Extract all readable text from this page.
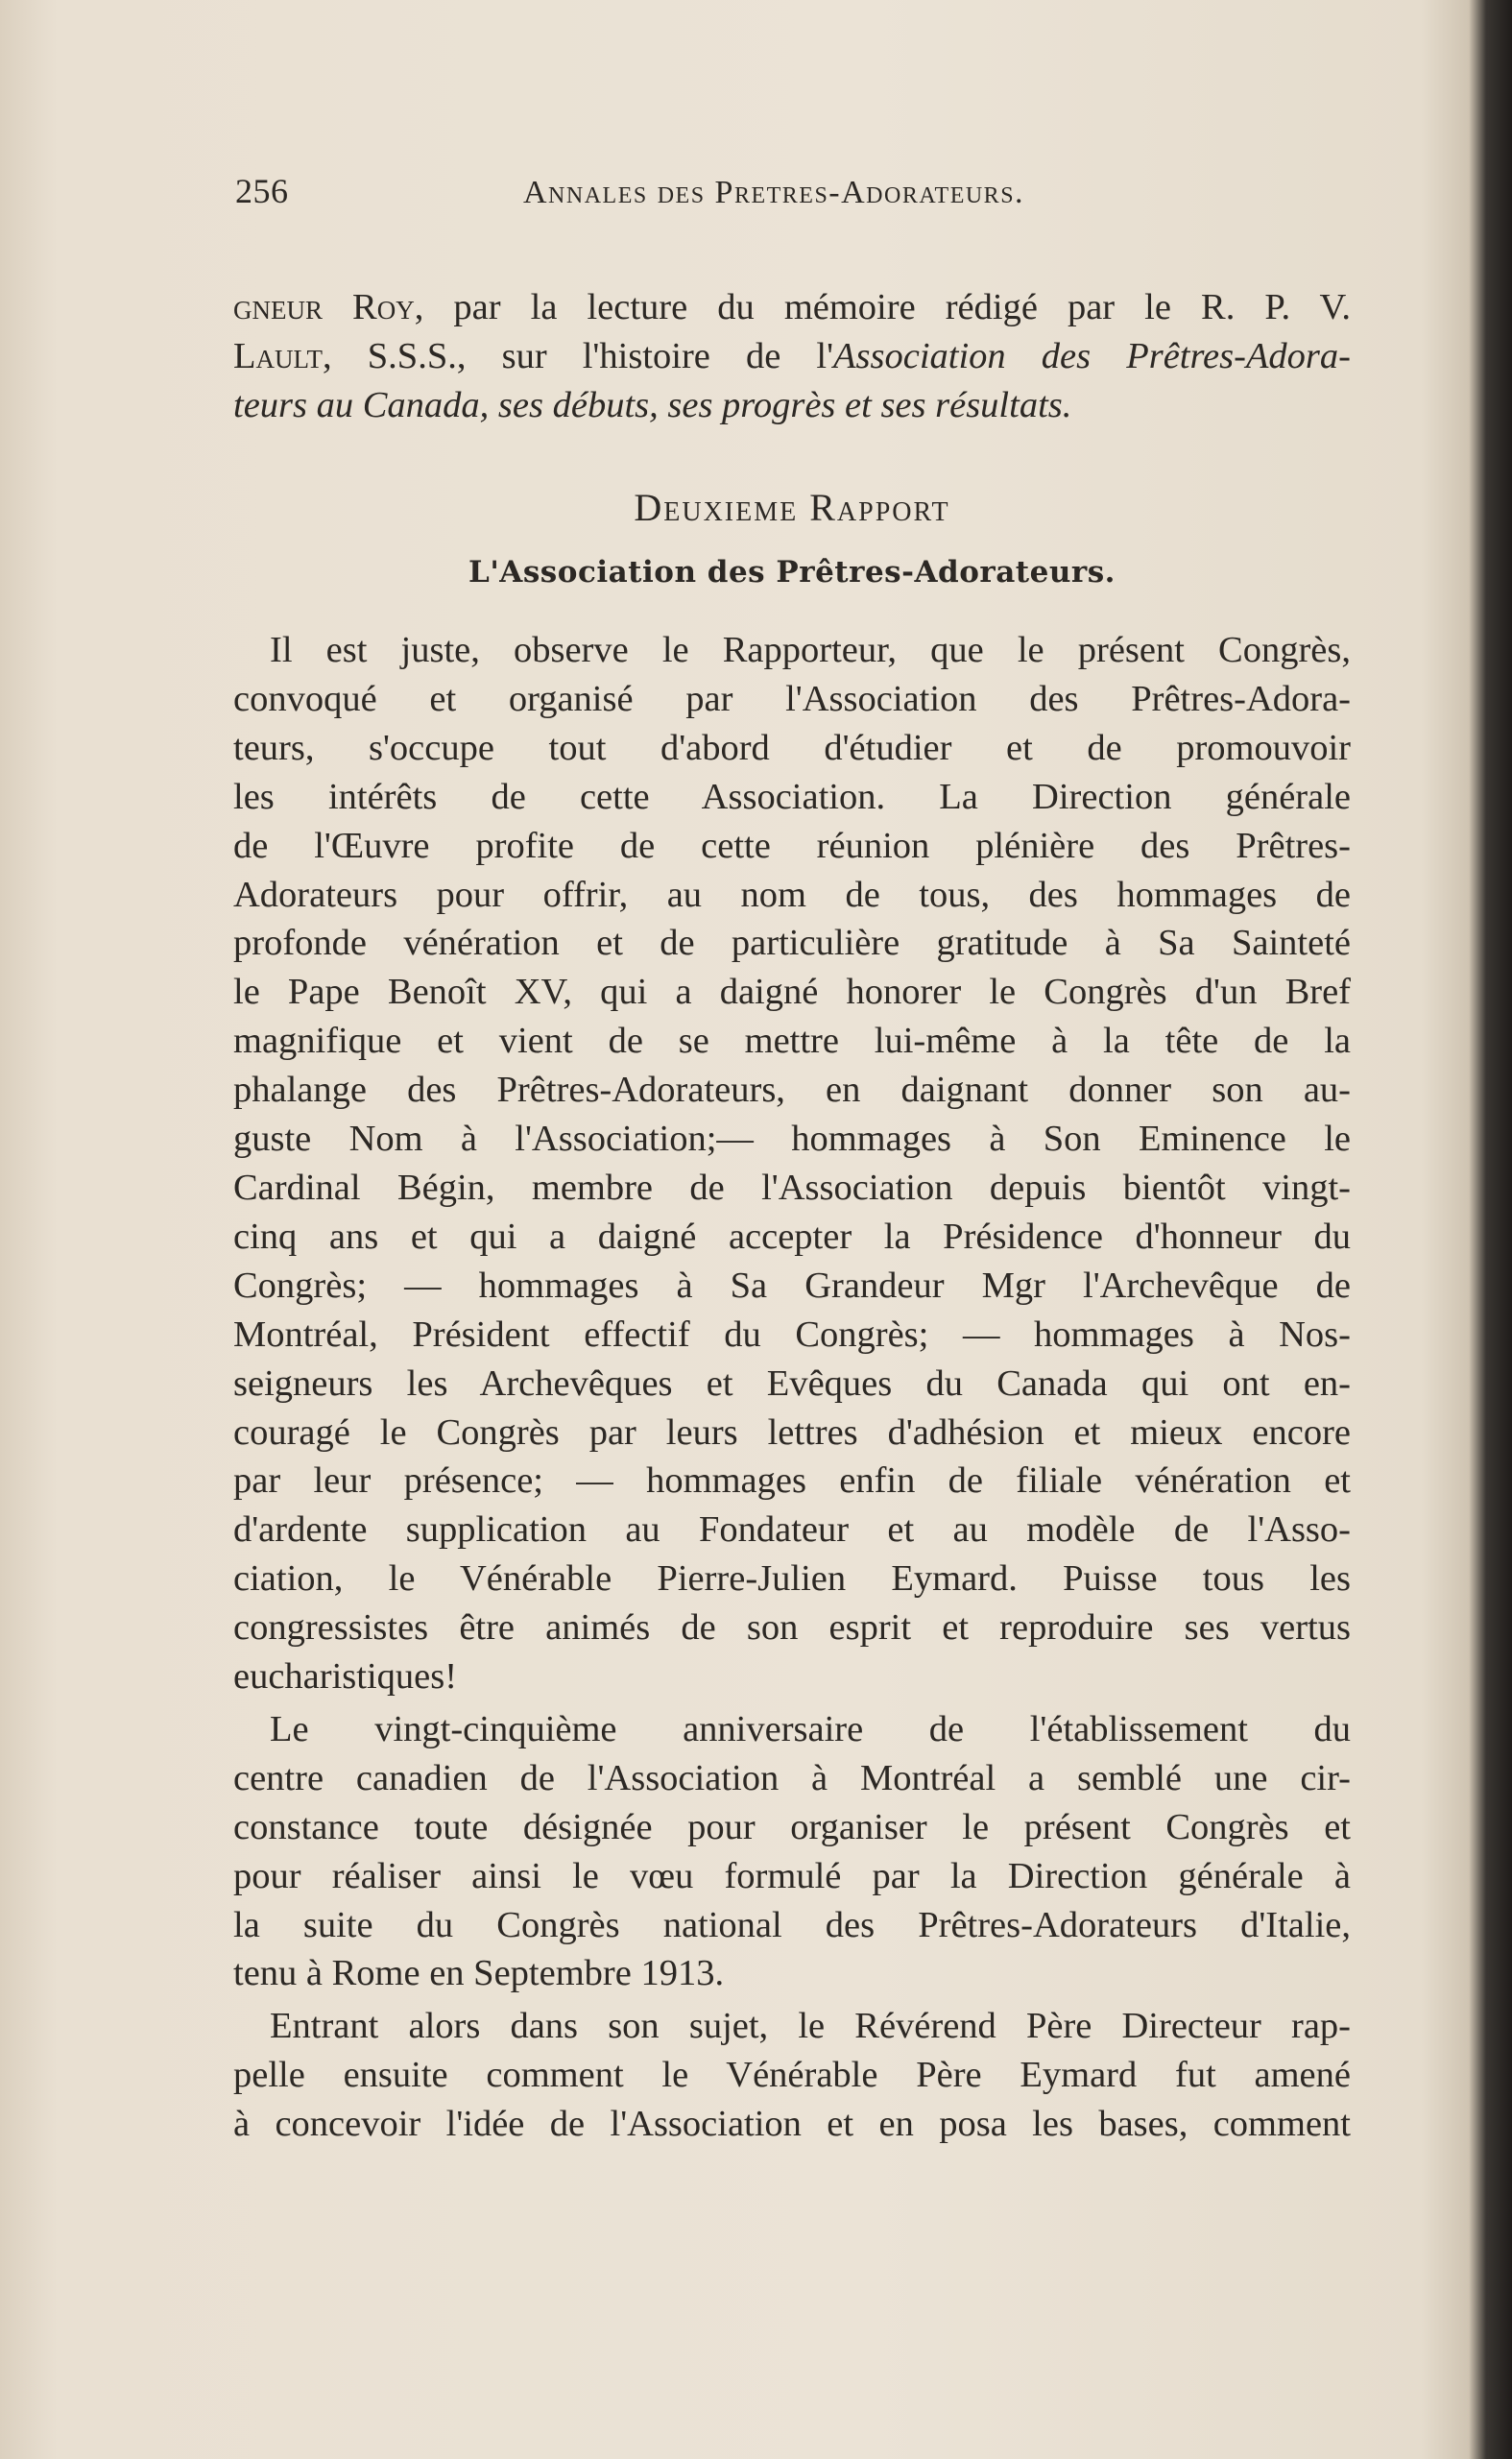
256	Annales des Pretres-Adorateurs.
gneur Roy, par la lecture du mémoire rédigé par le R. P. V.
Lault, S.S.S., sur l'histoire de l'Association des Prêtres-Adora-
teurs au Canada, ses débuts, ses progrès et ses résultats.
Deuxieme Rapport
L'Association des Prêtres-Adorateurs.
Il est juste, observe le Rapporteur, que le présent Congrès,
convoqué et organisé par l'Association des Prêtres-Adora-
teurs, s'occupe tout d'abord d'étudier et de promouvoir
les intérêts de cette Association. La Direction générale
de l'Œuvre profite de cette réunion plénière des Prêtres-
Adorateurs pour offrir, au nom de tous, des hommages de
profonde vénération et de particulière gratitude à Sa Sainteté
le Pape Benoît XV, qui a daigné honorer le Congrès d'un Bref
magnifique et vient de se mettre lui-même à la tête de la
phalange des Prêtres-Adorateurs, en daignant donner son au-
guste Nom à l'Association;— hommages à Son Eminence le
Cardinal Bégin, membre de l'Association depuis bientôt vingt-
cinq ans et qui a daigné accepter la Présidence d'honneur du
Congrès; — hommages à Sa Grandeur Mgr l'Archevêque de
Montréal, Président effectif du Congrès; — hommages à Nos-
seigneurs les Archevêques et Evêques du Canada qui ont en-
couragé le Congrès par leurs lettres d'adhésion et mieux encore
par leur présence; — hommages enfin de filiale vénération et
d'ardente supplication au Fondateur et au modèle de l'Asso-
ciation, le Vénérable Pierre-Julien Eymard. Puisse tous les
congressistes être animés de son esprit et reproduire ses vertus
eucharistiques!
Le vingt-cinquième anniversaire de l'établissement du
centre canadien de l'Association à Montréal a semblé une cir-
constance toute désignée pour organiser le présent Congrès et
pour réaliser ainsi le vœu formulé par la Direction générale à
la suite du Congrès national des Prêtres-Adorateurs d'Italie,
tenu à Rome en Septembre 1913.
Entrant alors dans son sujet, le Révérend Père Directeur rap-
pelle ensuite comment le Vénérable Père Eymard fut amené
à concevoir l'idée de l'Association et en posa les bases, comment
